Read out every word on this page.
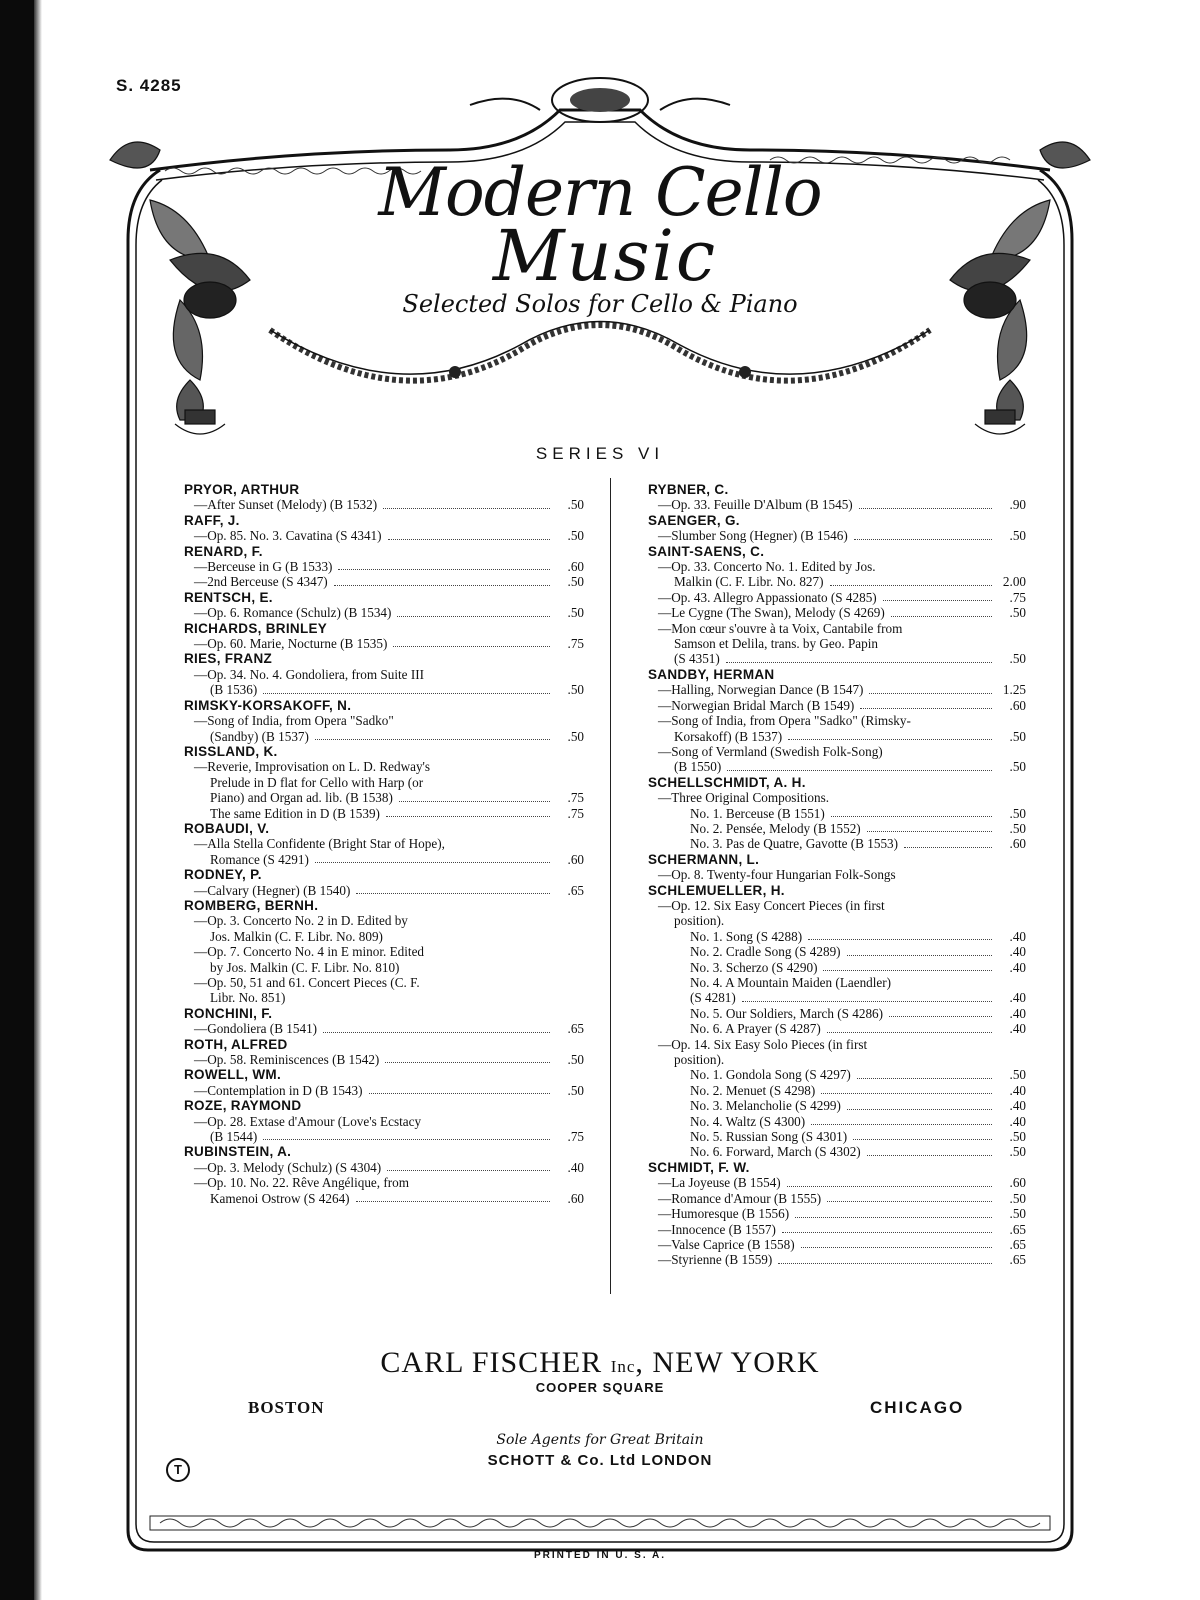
S. 4285
Modern Cello
Music
Selected Solos for Cello & Piano
SERIES VI
PRYOR, ARTHUR
—After Sunset (Melody) (B 1532)	.50
RAFF, J.
—Op. 85. No. 3. Cavatina (S 4341)	.50
RENARD, F.
—Berceuse in G (B 1533)	.60
—2nd Berceuse (S 4347)	.50
RENTSCH, E.
—Op. 6. Romance (Schulz) (B 1534)	.50
RICHARDS, BRINLEY
—Op. 60. Marie, Nocturne (B 1535)	.75
RIES, FRANZ
—Op. 34. No. 4. Gondoliera, from Suite III
(B 1536)	.50
RIMSKY-KORSAKOFF, N.
—Song of India, from Opera "Sadko"
(Sandby) (B 1537)	.50
RISSLAND, K.
—Reverie, Improvisation on L. D. Redway's
Prelude in D flat for Cello with Harp (or
Piano) and Organ ad. lib. (B 1538)	.75
The same Edition in D (B 1539)	.75
ROBAUDI, V.
—Alla Stella Confidente (Bright Star of Hope),
Romance (S 4291)	.60
RODNEY, P.
—Calvary (Hegner) (B 1540)	.65
ROMBERG, BERNH.
—Op. 3. Concerto No. 2 in D. Edited by
Jos. Malkin (C. F. Libr. No. 809)
—Op. 7. Concerto No. 4 in E minor. Edited
by Jos. Malkin (C. F. Libr. No. 810)
—Op. 50, 51 and 61. Concert Pieces (C. F.
Libr. No. 851)
RONCHINI, F.
—Gondoliera (B 1541)	.65
ROTH, ALFRED
—Op. 58. Reminiscences (B 1542)	.50
ROWELL, WM.
—Contemplation in D (B 1543)	.50
ROZE, RAYMOND
—Op. 28. Extase d'Amour (Love's Ecstacy
(B 1544)	.75
RUBINSTEIN, A.
—Op. 3. Melody (Schulz) (S 4304)	.40
—Op. 10. No. 22. Rêve Angélique, from
Kamenoi Ostrow (S 4264)	.60
RYBNER, C.
—Op. 33. Feuille D'Album (B 1545)	.90
SAENGER, G.
—Slumber Song (Hegner) (B 1546)	.50
SAINT-SAENS, C.
—Op. 33. Concerto No. 1. Edited by Jos.
Malkin (C. F. Libr. No. 827)	2.00
—Op. 43. Allegro Appassionato (S 4285)	.75
—Le Cygne (The Swan), Melody (S 4269)	.50
—Mon cœur s'ouvre à ta Voix, Cantabile from
Samson et Delila, trans. by Geo. Papin
(S 4351)	.50
SANDBY, HERMAN
—Halling, Norwegian Dance (B 1547)	1.25
—Norwegian Bridal March (B 1549)	.60
—Song of India, from Opera "Sadko" (Rimsky-
Korsakoff) (B 1537)	.50
—Song of Vermland (Swedish Folk-Song)
(B 1550)	.50
SCHELLSCHMIDT, A. H.
—Three Original Compositions.
No. 1. Berceuse (B 1551)	.50
No. 2. Pensée, Melody (B 1552)	.50
No. 3. Pas de Quatre, Gavotte (B 1553)	.60
SCHERMANN, L.
—Op. 8. Twenty-four Hungarian Folk-Songs
SCHLEMUELLER, H.
—Op. 12. Six Easy Concert Pieces (in first
position).
No. 1. Song (S 4288)	.40
No. 2. Cradle Song (S 4289)	.40
No. 3. Scherzo (S 4290)	.40
No. 4. A Mountain Maiden (Laendler)
(S 4281)	.40
No. 5. Our Soldiers, March (S 4286)	.40
No. 6. A Prayer (S 4287)	.40
—Op. 14. Six Easy Solo Pieces (in first
position).
No. 1. Gondola Song (S 4297)	.50
No. 2. Menuet (S 4298)	.40
No. 3. Melancholie (S 4299)	.40
No. 4. Waltz (S 4300)	.40
No. 5. Russian Song (S 4301)	.50
No. 6. Forward, March (S 4302)	.50
SCHMIDT, F. W.
—La Joyeuse (B 1554)	.60
—Romance d'Amour (B 1555)	.50
—Humoresque (B 1556)	.50
—Innocence (B 1557)	.65
—Valse Caprice (B 1558)	.65
—Styrienne (B 1559)	.65
CARL FISCHER Inc, NEW YORK
COOPER SQUARE
BOSTON	CHICAGO
Sole Agents for Great Britain
SCHOTT & Co. Ltd LONDON
T
PRINTED IN U. S. A.
